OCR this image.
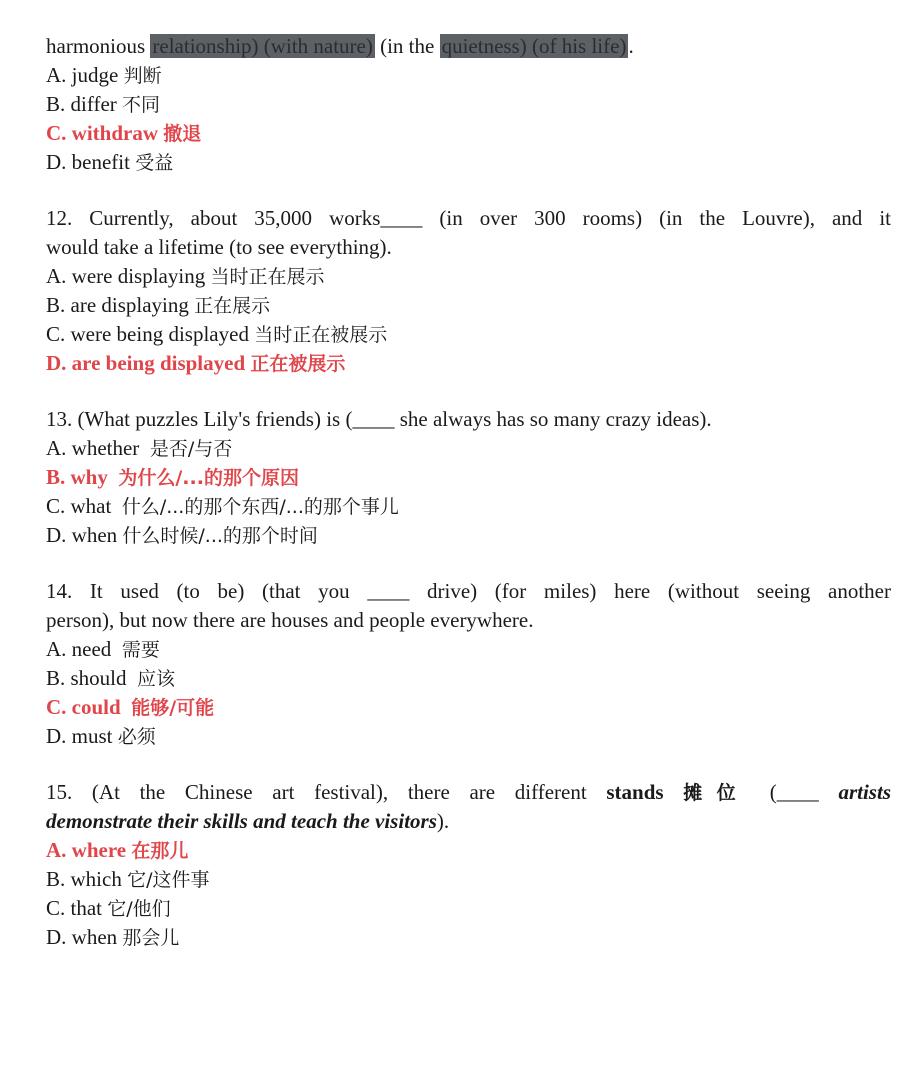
harmonious relationship) (with nature) (in the quietness) (of his life).
A. judge 判断
B. differ 不同
C. withdraw 撤退
D. benefit 受益
12. Currently, about 35,000 works____ (in over 300 rooms) (in the Louvre), and it
would take a lifetime (to see everything).
A. were displaying 当时正在展示
B. are displaying 正在展示
C. were being displayed 当时正在被展示
D. are being displayed 正在被展示
13. (What puzzles Lily's friends) is (____ she always has so many crazy ideas).
A. whether 是否/与否
B. why 为什么/...的那个原因
C. what 什么/...的那个东西/...的那个事儿
D. when 什么时候/...的那个时间
14. It used (to be) (that you ____ drive) (for miles) here (without seeing another
person), but now there are houses and people everywhere.
A. need 需要
B. should 应该
C. could 能够/可能
D. must 必须
15. (At the Chinese art festival), there are different stands 摊位 (____ artists
demonstrate their skills and teach the visitors).
A. where 在那儿
B. which 它/这件事
C. that 它/他们
D. when 那会儿
